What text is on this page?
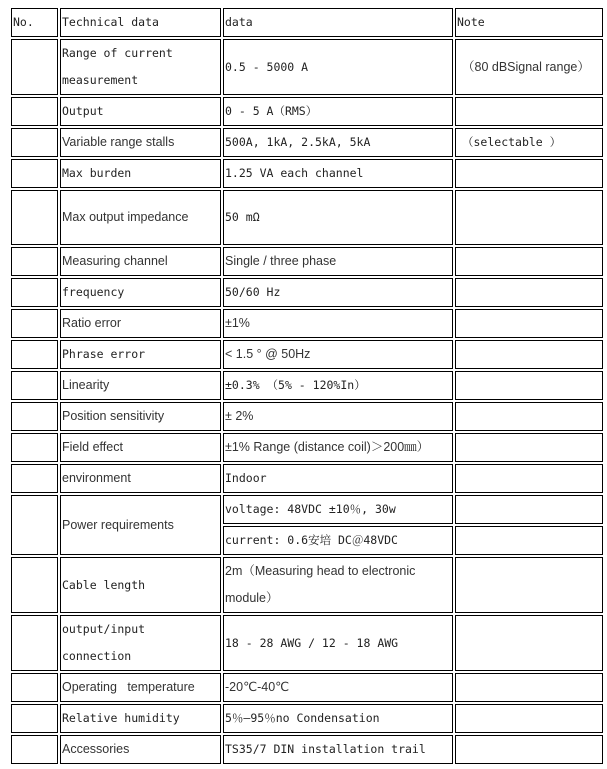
No.	Technical data	data	Note
	Range of current measurement	0.5 - 5000 A	（80 dBSignal range）
	Output	0 - 5 A（RMS）	
	Variable range stalls	500A, 1kA, 2.5kA, 5kA	（selectable ）
	Max burden	1.25 VA each channel	
	Max output impedance	50 mΩ	
	Measuring channel	Single / three phase	
	frequency	50/60 Hz	
	Ratio error	±1%	
	Phrase error	< 1.5 ° @ 50Hz	
	Linearity	±0.3% （5% - 120%In）	
	Position sensitivity	± 2%	
	Field effect	±1% Range (distance coil)＞200㎜）	
	environment	Indoor	
	Power requirements	voltage: 48VDC ±10％, 30w	
		current: 0.6安培 DC＠48VDC	
	Cable length	2m（Measuring head to electronic module）	
	output/input connection	18 - 28 AWG / 12 - 18 AWG	
	Operating   temperature	-20℃-40℃	
	Relative humidity	5％—95％no Condensation	
	Accessories	TS35/7 DIN installation trail	
